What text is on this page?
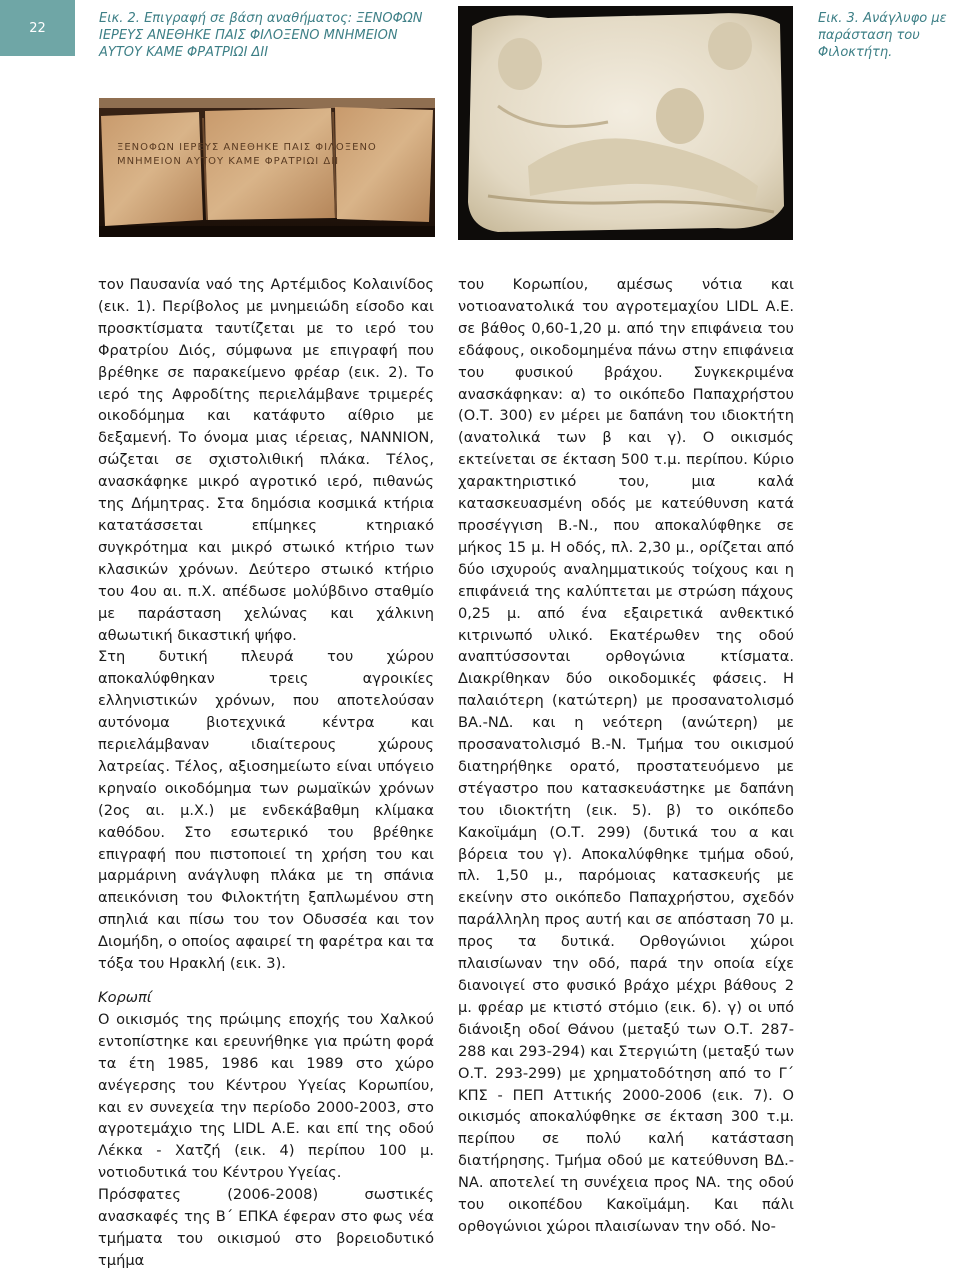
22
Εικ. 2. Επιγραφή σε βάση αναθήματος: ΞΕΝΟΦΩΝ ΙΕΡΕΥΣ ΑΝΕΘΗΚΕ ΠΑΙΣ ΦΙΛΟΞΕΝΟ ΜΝΗΜΕΙΟΝ ΑΥΤΟΥ ΚΑΜΕ ΦΡΑΤΡΙΩΙ ΔΙΙ
Εικ. 3. Ανάγλυφο με παράσταση του Φιλοκτήτη.
ΞΕΝΟΦΩΝ ΙΕΡΕΥΣ ΑΝΕΘΗΚΕ ΠΑΙΣ ΦΙΛΟΞΕΝΟ
ΜΝΗΜΕΙΟΝ ΑΥΤΟΥ ΚΑΜΕ ΦΡΑΤΡΙΩΙ ΔΙΙ

τον Παυσανία ναό της Αρτέμιδος Κολαινίδος (εικ. 1). Περίβολος με μνημειώδη είσοδο και προσκτίσματα ταυτίζεται με το ιερό του Φρατρίου Διός, σύμφωνα με επιγραφή που βρέθηκε σε παρακείμενο φρέαρ (εικ. 2). Το ιερό της Αφροδίτης περιελάμβανε τριμερές οικοδόμημα και κατάφυτο αίθριο με δεξαμενή. Το όνομα μιας ιέρειας, ΝΑΝΝΙΟΝ, σώζεται σε σχιστολιθική πλάκα. Τέλος, ανασκάφηκε μικρό αγροτικό ιερό, πιθανώς της Δήμητρας. Στα δημόσια κοσμικά κτήρια κατατάσσεται επίμηκες κτηριακό συγκρότημα και μικρό στωικό κτήριο των κλασικών χρόνων. Δεύτερο στωικό κτήριο του 4ου αι. π.Χ. απέδωσε μολύβδινο σταθμίο με παράσταση χελώνας και χάλκινη αθωωτική δικαστική ψήφο.

Στη δυτική πλευρά του χώρου αποκαλύφθηκαν τρεις αγροικίες ελληνιστικών χρόνων, που αποτελούσαν αυτόνομα βιοτεχνικά κέντρα και περιελάμβαναν ιδιαίτερους χώρους λατρείας. Τέλος, αξιοσημείωτο είναι υπόγειο κρηναίο οικοδόμημα των ρωμαϊκών χρόνων (2ος αι. μ.Χ.) με ενδεκάβαθμη κλίμακα καθόδου. Στο εσωτερικό του βρέθηκε επιγραφή που πιστοποιεί τη χρήση του και μαρμάρινη ανάγλυφη πλάκα με τη σπάνια απεικόνιση του Φιλοκτήτη ξαπλωμένου στη σπηλιά και πίσω του τον Οδυσσέα και τον Διομήδη, ο οποίος αφαιρεί τη φαρέτρα και τα τόξα του Ηρακλή (εικ. 3).

Κορωπί

Ο οικισμός της πρώιμης εποχής του Χαλκού εντοπίστηκε και ερευνήθηκε για πρώτη φορά τα έτη 1985, 1986 και 1989 στο χώρο ανέγερσης του Κέντρου Υγείας Κορωπίου, και εν συνεχεία την περίοδο 2000-2003, στο αγροτεμάχιο της LIDL Α.Ε. και επί της οδού Λέκκα - Χατζή (εικ. 4) περίπου 100 μ. νοτιοδυτικά του Κέντρου Υγείας.

Πρόσφατες (2006-2008) σωστικές ανασκαφές της Β΄ ΕΠΚΑ έφεραν στο φως νέα τμήματα του οικισμού στο βορειοδυτικό τμήμα

του Κορωπίου, αμέσως νότια και νοτιοανατολικά του αγροτεμαχίου LIDL Α.Ε. σε βάθος 0,60-1,20 μ. από την επιφάνεια του εδάφους, οικοδομημένα πάνω στην επιφάνεια του φυσικού βράχου. Συγκεκριμένα ανασκάφηκαν: α) το οικόπεδο Παπαχρήστου (Ο.Τ. 300) εν μέρει με δαπάνη του ιδιοκτήτη (ανατολικά των β και γ). Ο οικισμός εκτείνεται σε έκταση 500 τ.μ. περίπου. Κύριο χαρακτηριστικό του, μια καλά κατασκευασμένη οδός με κατεύθυνση κατά προσέγγιση Β.-Ν., που αποκαλύφθηκε σε μήκος 15 μ. Η οδός, πλ. 2,30 μ., ορίζεται από δύο ισχυρούς αναλημματικούς τοίχους και η επιφάνειά της καλύπτεται με στρώση πάχους 0,25 μ. από ένα εξαιρετικά ανθεκτικό κιτρινωπό υλικό. Εκατέρωθεν της οδού αναπτύσσονται ορθογώνια κτίσματα. Διακρίθηκαν δύο οικοδομικές φάσεις. Η παλαιότερη (κατώτερη) με προσανατολισμό ΒΑ.-ΝΔ. και η νεότερη (ανώτερη) με προσανατολισμό Β.-Ν. Τμήμα του οικισμού διατηρήθηκε ορατό, προστατευόμενο με στέγαστρο που κατασκευάστηκε με δαπάνη του ιδιοκτήτη (εικ. 5). β) το οικόπεδο Κακοϊμάμη (Ο.Τ. 299) (δυτικά του α και βόρεια του γ). Αποκαλύφθηκε τμήμα οδού, πλ. 1,50 μ., παρόμοιας κατασκευής με εκείνην στο οικόπεδο Παπαχρήστου, σχεδόν παράλληλη προς αυτή και σε απόσταση 70 μ. προς τα δυτικά. Ορθογώνιοι χώροι πλαισίωναν την οδό, παρά την οποία είχε διανοιγεί στο φυσικό βράχο μέχρι βάθους 2 μ. φρέαρ με κτιστό στόμιο (εικ. 6). γ) οι υπό διάνοιξη οδοί Θάνου (μεταξύ των Ο.Τ. 287-288 και 293-294) και Στεργιώτη (μεταξύ των Ο.Τ. 293-299) με χρηματοδότηση από το Γ΄ ΚΠΣ - ΠΕΠ Αττικής 2000-2006 (εικ. 7). Ο οικισμός αποκαλύφθηκε σε έκταση 300 τ.μ. περίπου σε πολύ καλή κατάσταση διατήρησης. Τμήμα οδού με κατεύθυνση ΒΔ.-ΝΑ. αποτελεί τη συνέχεια προς ΝΑ. της οδού του οικοπέδου Κακοϊμάμη. Και πάλι ορθογώνιοι χώροι πλαισίωναν την οδό. Νο-
